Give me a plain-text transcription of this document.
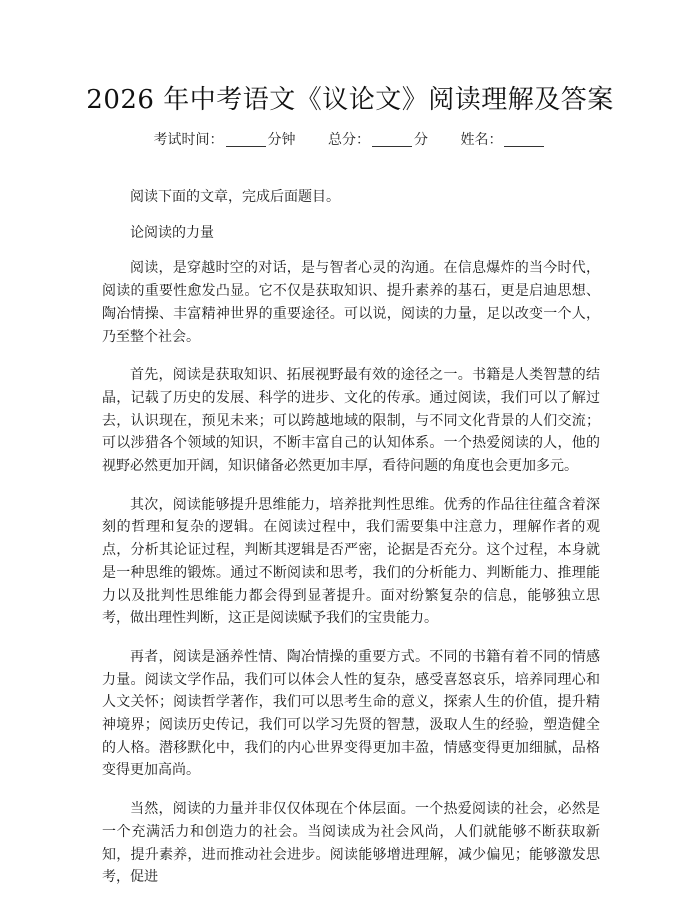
2026 年中考语文《议论文》阅读理解及答案
考试时间：	分钟 总分：	分 姓名：

阅读下面的文章，完成后面题目。

论阅读的力量

阅读，是穿越时空的对话，是与智者心灵的沟通。在信息爆炸的当今时代，阅读的重要性愈发凸显。它不仅是获取知识、提升素养的基石，更是启迪思想、陶冶情操、丰富精神世界的重要途径。可以说，阅读的力量，足以改变一个人，乃至整个社会。

首先，阅读是获取知识、拓展视野最有效的途径之一。书籍是人类智慧的结晶，记载了历史的发展、科学的进步、文化的传承。通过阅读，我们可以了解过去，认识现在，预见未来；可以跨越地域的限制，与不同文化背景的人们交流；可以涉猎各个领域的知识，不断丰富自己的认知体系。一个热爱阅读的人，他的视野必然更加开阔，知识储备必然更加丰厚，看待问题的角度也会更加多元。

其次，阅读能够提升思维能力，培养批判性思维。优秀的作品往往蕴含着深刻的哲理和复杂的逻辑。在阅读过程中，我们需要集中注意力，理解作者的观点，分析其论证过程，判断其逻辑是否严密，论据是否充分。这个过程，本身就是一种思维的锻炼。通过不断阅读和思考，我们的分析能力、判断能力、推理能力以及批判性思维能力都会得到显著提升。面对纷繁复杂的信息，能够独立思考，做出理性判断，这正是阅读赋予我们的宝贵能力。

再者，阅读是涵养性情、陶冶情操的重要方式。不同的书籍有着不同的情感力量。阅读文学作品，我们可以体会人性的复杂，感受喜怒哀乐，培养同理心和人文关怀；阅读哲学著作，我们可以思考生命的意义，探索人生的价值，提升精神境界；阅读历史传记，我们可以学习先贤的智慧，汲取人生的经验，塑造健全的人格。潜移默化中，我们的内心世界变得更加丰盈，情感变得更加细腻，品格变得更加高尚。

当然，阅读的力量并非仅仅体现在个体层面。一个热爱阅读的社会，必然是一个充满活力和创造力的社会。当阅读成为社会风尚，人们就能够不断获取新知，提升素养，进而推动社会进步。阅读能够增进理解，减少偏见；能够激发思考，促进
